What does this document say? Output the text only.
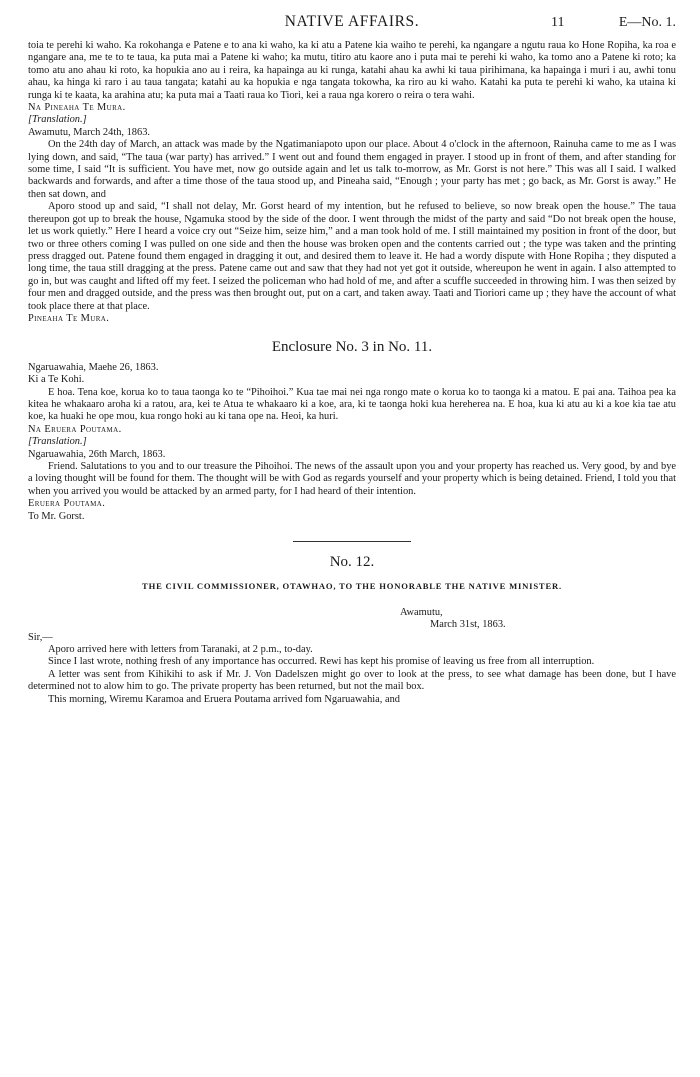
NATIVE AFFAIRS.	11	E—No. 1.

toia te perehi ki waho. Ka rokohanga e Patene e to ana ki waho, ka ki atu a Patene kia waiho te perehi, ka ngangare a ngutu raua ko Hone Ropiha, ka roa e ngangare ana, me te to te taua, ka puta mai a Patene ki waho; ka mutu, titiro atu kaore ano i puta mai te perehi ki waho, ka tomo ano a Patene ki roto; ka tomo atu ano ahau ki roto, ka hopukia ano au i reira, ka hapainga au ki runga, katahi ahau ka awhi ki taua pirihimana, ka hapainga i muri i au, awhi tonu ahau, ka hinga ki raro i au taua tangata; katahi au ka hopukia e nga tangata tokowha, ka riro au ki waho. Katahi ka puta te perehi ki waho, ka utaina ki runga ki te kaata, ka arahina atu; ka puta mai a Taati raua ko Tiori, kei a raua nga korero o reira o tera wahi.

Na Pineaha Te Mura.

[Translation.]

Awamutu, March 24th, 1863.

On the 24th day of March, an attack was made by the Ngatimaniapoto upon our place. About 4 o'clock in the afternoon, Rainuha came to me as I was lying down, and said, “The taua (war party) has arrived.” I went out and found them engaged in prayer. I stood up in front of them, and after standing for some time, I said “It is sufficient. You have met, now go outside again and let us talk to-morrow, as Mr. Gorst is not here.” This was all I said. I walked backwards and forwards, and after a time those of the taua stood up, and Pineaha said, “Enough ; your party has met ; go back, as Mr. Gorst is away.” He then sat down, and

Aporo stood up and said, “I shall not delay, Mr. Gorst heard of my intention, but he refused to believe, so now break open the house.” The taua thereupon got up to break the house, Ngamuka stood by the side of the door. I went through the midst of the party and said “Do not break open the house, let us work quietly.” Here I heard a voice cry out “Seize him, seize him,” and a man took hold of me. I still maintained my position in front of the door, but two or three others coming I was pulled on one side and then the house was broken open and the contents carried out ; the type was taken and the printing press dragged out. Patene found them engaged in dragging it out, and desired them to leave it. He had a wordy dispute with Hone Ropiha ; they disputed a long time, the taua still dragging at the press. Patene came out and saw that they had not yet got it outside, whereupon he went in again. I also attempted to go in, but was caught and lifted off my feet. I seized the policeman who had hold of me, and after a scuffle succeeded in throwing him. I was then seized by four men and dragged outside, and the press was then brought out, put on a cart, and taken away. Taati and Tioriori came up ; they have the account of what took place there at that place.

Pineaha Te Mura.

Enclosure No. 3 in No. 11.

Ngaruawahia, Maehe 26, 1863.

Ki a Te Kohi.

E hoa. Tena koe, korua ko to taua taonga ko te “Pihoihoi.” Kua tae mai nei nga rongo mate o korua ko to taonga ki a matou. E pai ana. Taihoa pea ka kitea he whakaaro aroha ki a ratou, ara, kei te Atua te whakaaro ki a koe, ara, ki te taonga hoki kua hereherea na. E hoa, kua ki atu au ki a koe kia tae atu koe, ka huaki he ope mou, kua rongo hoki au ki tana ope na. Heoi, ka huri.

Na Eruera Poutama.

[Translation.]

Ngaruawahia, 26th March, 1863.

Friend. Salutations to you and to our treasure the Pihoihoi. The news of the assault upon you and your property has reached us. Very good, by and bye a loving thought will be found for them. The thought will be with God as regards yourself and your property which is being detained. Friend, I told you that when you arrived you would be attacked by an armed party, for I had heard of their intention.

Eruera Poutama.

To Mr. Gorst.

No. 12.
THE CIVIL COMMISSIONER, OTAWHAO, TO THE HONORABLE THE NATIVE MINISTER.
Awamutu,
March 31st, 1863.

Sir,—

Aporo arrived here with letters from Taranaki, at 2 p.m., to-day.

Since I last wrote, nothing fresh of any importance has occurred. Rewi has kept his promise of leaving us free from all interruption.

A letter was sent from Kihikihi to ask if Mr. J. Von Dadelszen might go over to look at the press, to see what damage has been done, but I have determined not to alow him to go. The private property has been returned, but not the mail box.

This morning, Wiremu Karamoa and Eruera Poutama arrived fom Ngaruawahia, and
